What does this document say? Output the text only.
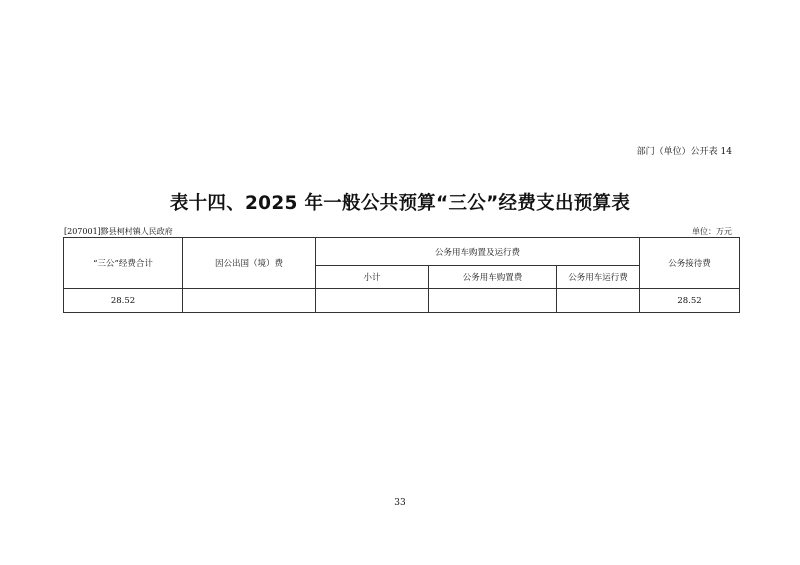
部门（单位）公开表 14
表十四、2025 年一般公共预算“三公”经费支出预算表
[207001]黟县柯村镇人民政府	单位：万元
“三公”经费合计	因公出国（境）费	公务用车购置及运行费			公务接待费
		小计	公务用车购置费	公务用车运行费	
28.52					28.52
33
